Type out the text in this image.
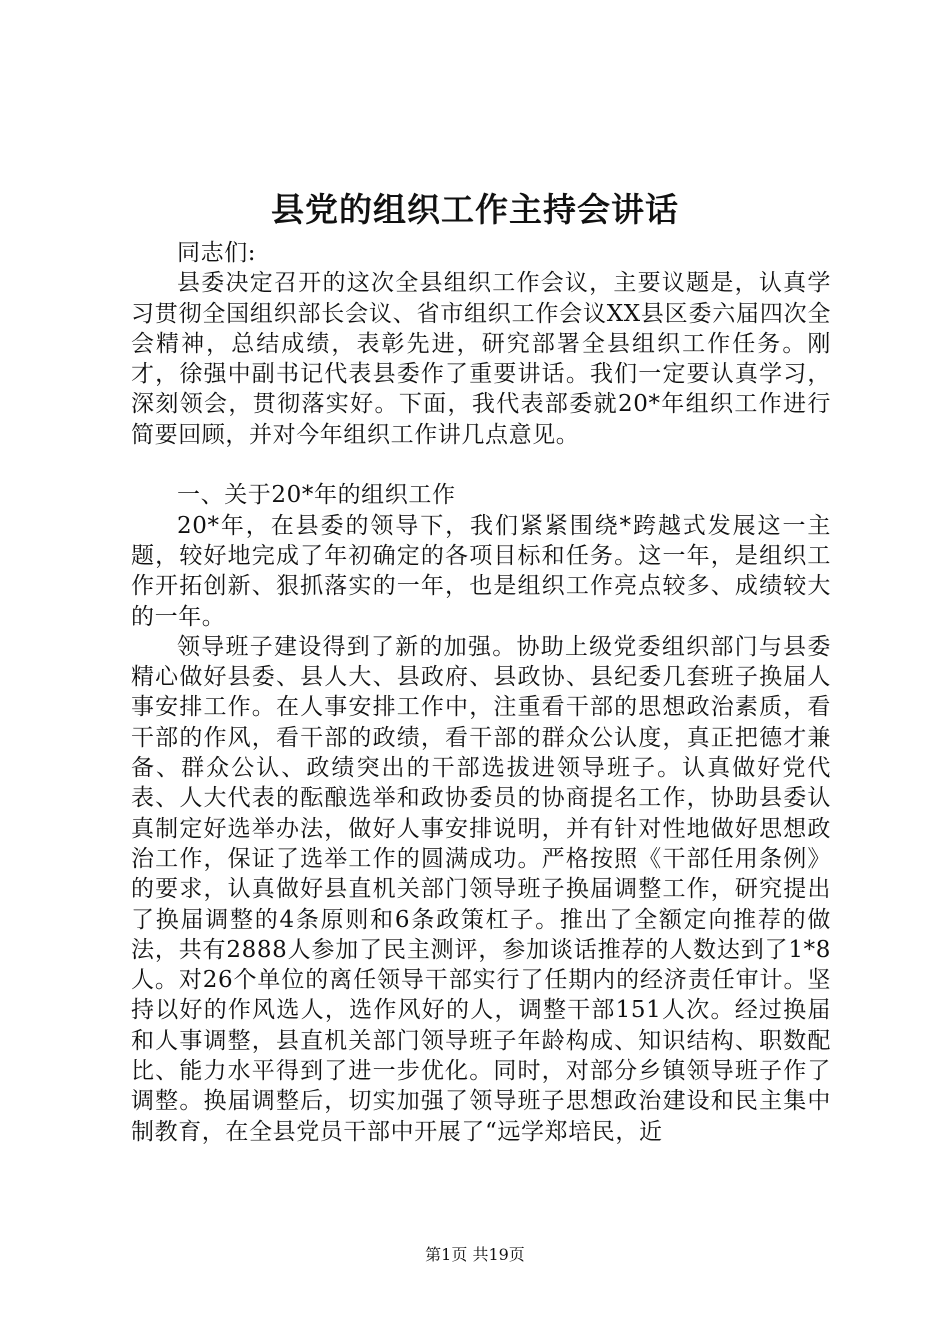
县党的组织工作主持会讲话

同志们:

县委决定召开的这次全县组织工作会议，主要议题是，认真学习贯彻全国组织部长会议、省市组织工作会议XX县区委六届四次全会精神，总结成绩，表彰先进，研究部署全县组织工作任务。刚才，徐强中副书记代表县委作了重要讲话。我们一定要认真学习，深刻领会，贯彻落实好。下面，我代表部委就20*年组织工作进行简要回顾，并对今年组织工作讲几点意见。

一、关于20*年的组织工作

20*年，在县委的领导下，我们紧紧围绕*跨越式发展这一主题，较好地完成了年初确定的各项目标和任务。这一年，是组织工作开拓创新、狠抓落实的一年，也是组织工作亮点较多、成绩较大的一年。

领导班子建设得到了新的加强。协助上级党委组织部门与县委精心做好县委、县人大、县政府、县政协、县纪委几套班子换届人事安排工作。在人事安排工作中，注重看干部的思想政治素质，看干部的作风，看干部的政绩，看干部的群众公认度，真正把德才兼备、群众公认、政绩突出的干部选拔进领导班子。认真做好党代表、人大代表的酝酿选举和政协委员的协商提名工作，协助县委认真制定好选举办法，做好人事安排说明，并有针对性地做好思想政治工作，保证了选举工作的圆满成功。严格按照《干部任用条例》的要求，认真做好县直机关部门领导班子换届调整工作，研究提出了换届调整的4条原则和6条政策杠子。推出了全额定向推荐的做法，共有2888人参加了民主测评，参加谈话推荐的人数达到了1*8人。对26个单位的离任领导干部实行了任期内的经济责任审计。坚持以好的作风选人，选作风好的人，调整干部151人次。经过换届和人事调整，县直机关部门领导班子年龄构成、知识结构、职数配比、能力水平得到了进一步优化。同时，对部分乡镇领导班子作了调整。换届调整后，切实加强了领导班子思想政治建设和民主集中制教育，在全县党员干部中开展了“远学郑培民，近

第1页 共19页
